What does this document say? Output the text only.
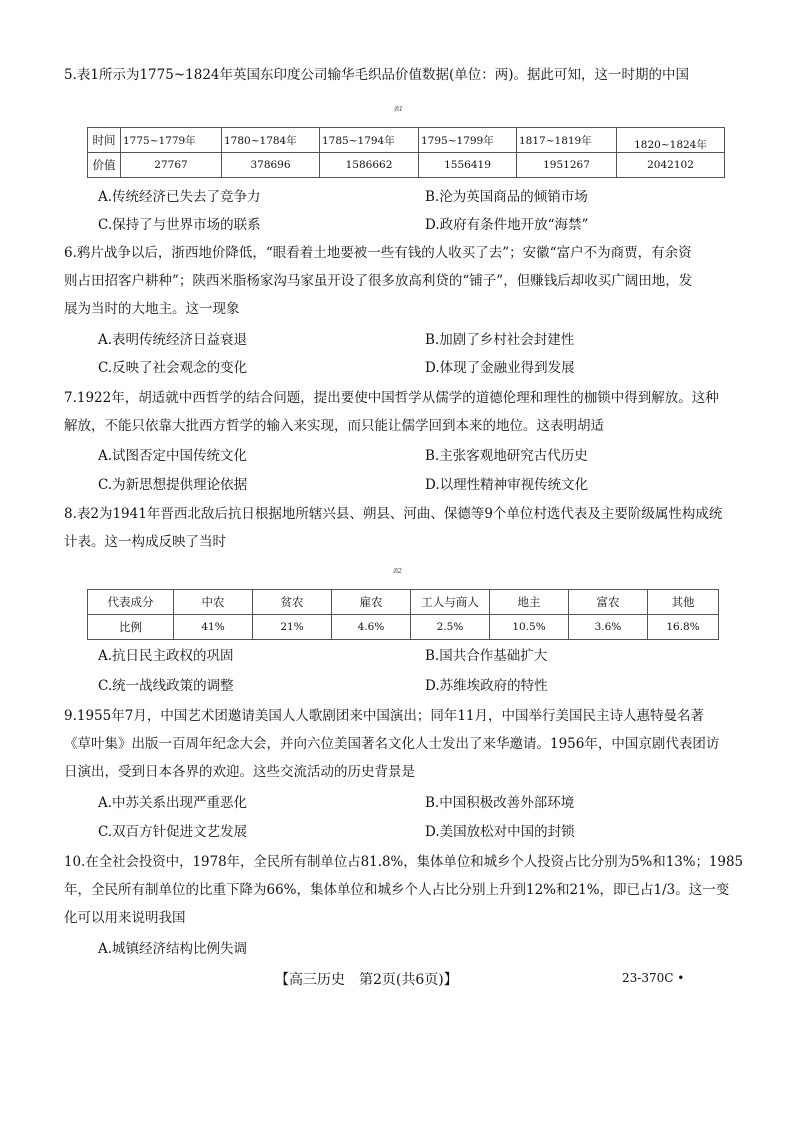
5.表1所示为1775~1824年英国东印度公司输华毛织品价值数据(单位：两)。据此可知，这一时期的中国
表1
时间	1775~1779年	1780~1784年	1785~1794年	1795~1799年	1817~1819年	1820~1824年
价值	27767	378696	1586662	1556419	1951267	2042102
A.传统经济已失去了竞争力	B.沦为英国商品的倾销市场
C.保持了与世界市场的联系	D.政府有条件地开放“海禁”
6.鸦片战争以后，浙西地价降低，“眼看着土地要被一些有钱的人收买了去”；安徽“富户不为商贾，有余资
则占田招客户耕种”；陕西米脂杨家沟马家虽开设了很多放高利贷的“铺子”，但赚钱后却收买广阔田地，发
展为当时的大地主。这一现象
A.表明传统经济日益衰退	B.加剧了乡村社会封建性
C.反映了社会观念的变化	D.体现了金融业得到发展
7.1922年，胡适就中西哲学的结合问题，提出要使中国哲学从儒学的道德伦理和理性的枷锁中得到解放。这种
解放，不能只依靠大批西方哲学的输入来实现，而只能让儒学回到本来的地位。这表明胡适
A.试图否定中国传统文化	B.主张客观地研究古代历史
C.为新思想提供理论依据	D.以理性精神审视传统文化
8.表2为1941年晋西北敌后抗日根据地所辖兴县、朔县、河曲、保德等9个单位村选代表及主要阶级属性构成统
计表。这一构成反映了当时
表2
代表成分	中农	贫农	雇农	工人与商人	地主	富农	其他
比例	41%	21%	4.6%	2.5%	10.5%	3.6%	16.8%
A.抗日民主政权的巩固	B.国共合作基础扩大
C.统一战线政策的调整	D.苏维埃政府的特性
9.1955年7月，中国艺术团邀请美国人人歌剧团来中国演出；同年11月，中国举行美国民主诗人惠特曼名著
《草叶集》出版一百周年纪念大会，并向六位美国著名文化人士发出了来华邀请。1956年，中国京剧代表团访
日演出，受到日本各界的欢迎。这些交流活动的历史背景是
A.中苏关系出现严重恶化	B.中国积极改善外部环境
C.双百方针促进文艺发展	D.美国放松对中国的封锁
10.在全社会投资中，1978年，全民所有制单位占81.8%，集体单位和城乡个人投资占比分别为5%和13%；1985
年，全民所有制单位的比重下降为66%，集体单位和城乡个人占比分别上升到12%和21%，即已占1/3。这一变
化可以用来说明我国
A.城镇经济结构比例失调
【高三历史　第2页(共6页)】	23-370C •
